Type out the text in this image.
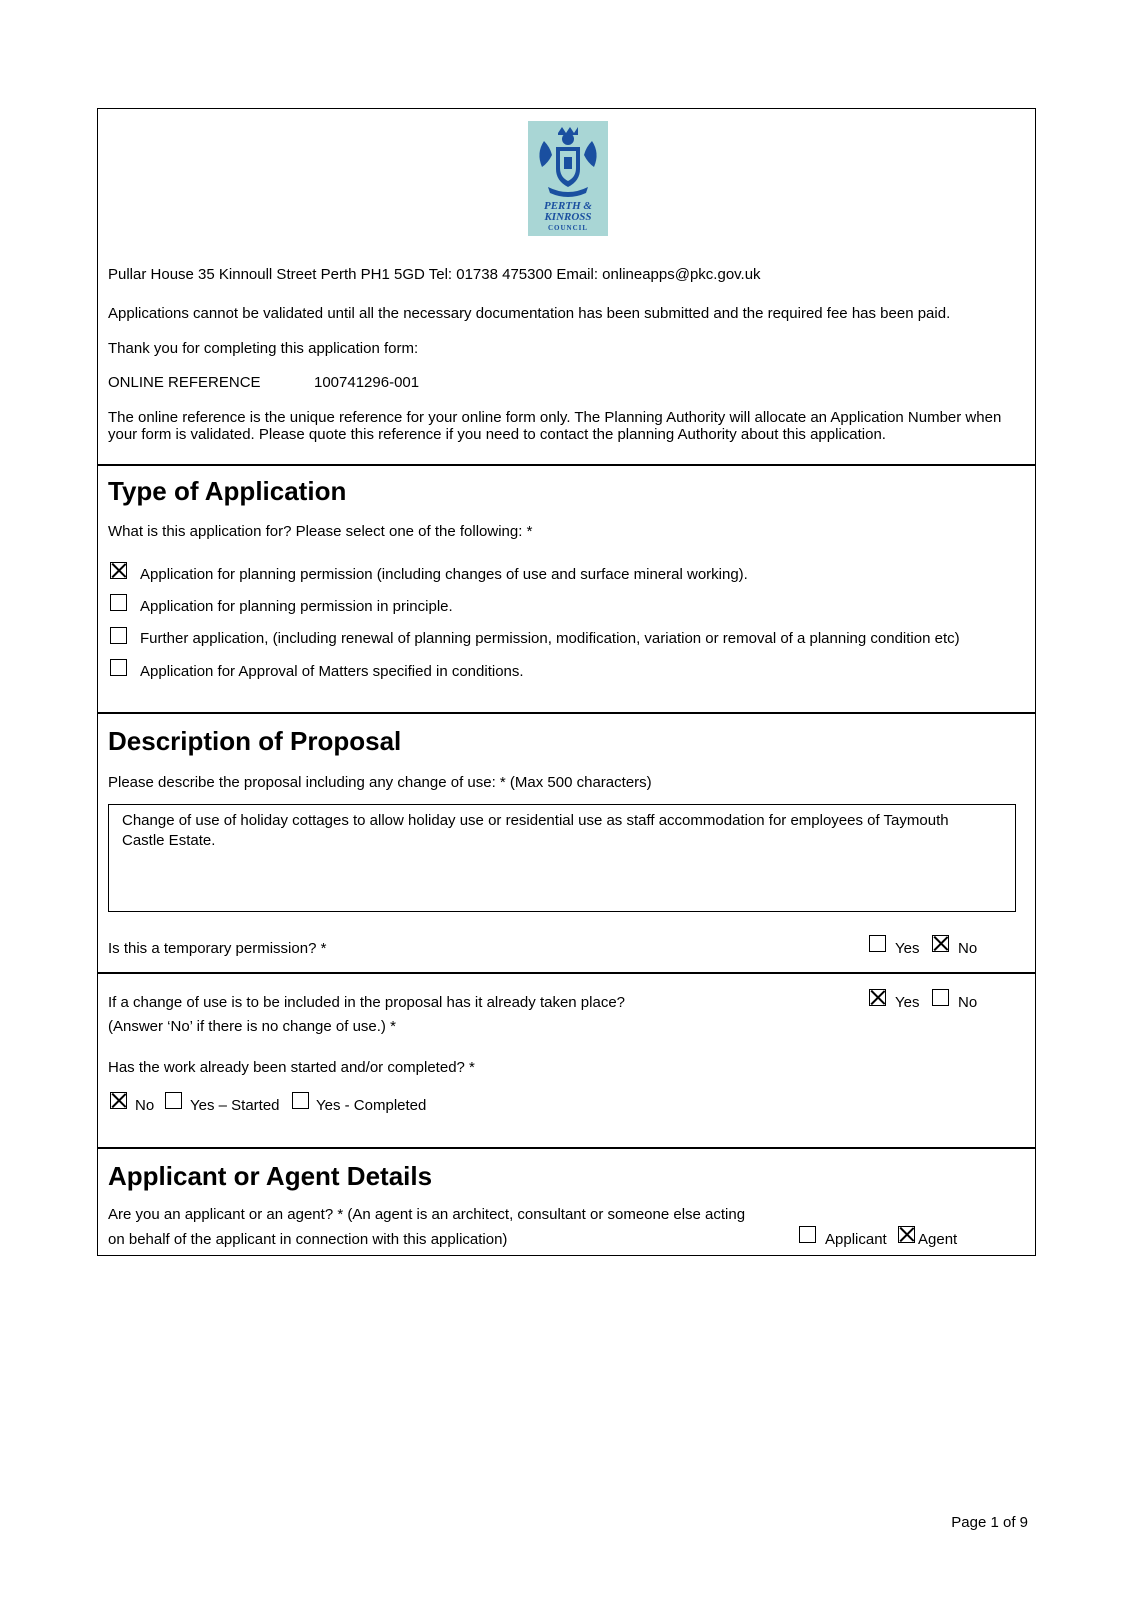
PERTH &
KINROSS
COUNCIL
Pullar House 35 Kinnoull Street Perth PH1 5GD Tel: 01738 475300 Email: onlineapps@pkc.gov.uk
Applications cannot be validated until all the necessary documentation has been submitted and the required fee has been paid.
Thank you for completing this application form:
ONLINE REFERENCE	100741296-001
The online reference is the unique reference for your online form only. The Planning Authority will allocate an Application Number when
your form is validated. Please quote this reference if you need to contact the planning Authority about this application.
Type of Application
What is this application for? Please select one of the following: *
Application for planning permission (including changes of use and surface mineral working).
Application for planning permission in principle.
Further application, (including renewal of planning permission, modification, variation or removal of a planning condition etc)
Application for Approval of Matters specified in conditions.
Description of Proposal
Please describe the proposal including any change of use: * (Max 500 characters)
Change of use of holiday cottages to allow holiday use or residential use as staff accommodation for employees of Taymouth
Castle Estate.
Is this a temporary permission? *	Yes	No
If a change of use is to be included in the proposal has it already taken place?
(Answer ‘No’ if there is no change of use.) *
Yes	No
Has the work already been started and/or completed? *
No Yes – Started Yes - Completed
Applicant or Agent Details
Are you an applicant or an agent? * (An agent is an architect, consultant or someone else acting
on behalf of the applicant in connection with this application)	Applicant Agent
Page 1 of 9
